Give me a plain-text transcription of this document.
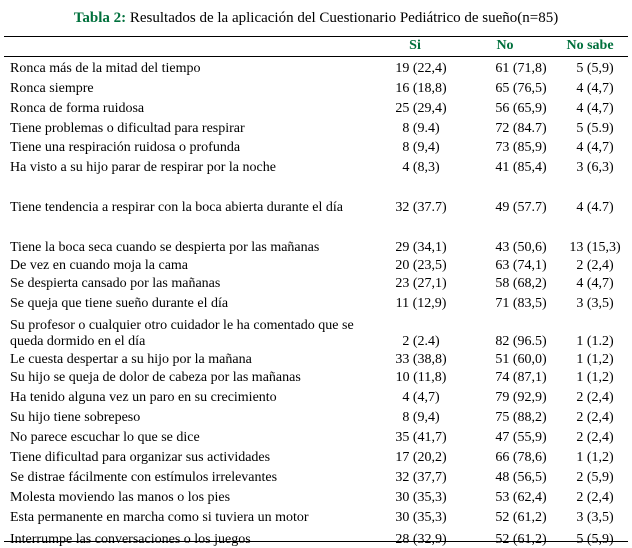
Tabla 2: Resultados de la aplicación del Cuestionario Pediátrico de sueño(n=85)
Si	No	No sabe
Ronca más de la mitad del tiempo	19 (22,4)	61 (71,8)	5 (5,9)
Ronca siempre	16 (18,8)	65 (76,5)	4 (4,7)
Ronca de forma ruidosa	25 (29,4)	56 (65,9)	4 (4,7)
Tiene problemas o dificultad para respirar	8 (9.4)	72 (84.7)	5 (5.9)
Tiene una respiración ruidosa o profunda	8 (9,4)	73 (85,9)	4 (4,7)
Ha visto a su hijo parar de respirar por la noche	4 (8,3)	41 (85,4)	3 (6,3)
Tiene tendencia a respirar con la boca abierta durante el día	32 (37.7)	49 (57.7)	4 (4.7)
Tiene la boca seca cuando se despierta por las mañanas	29 (34,1)	43 (50,6)	13 (15,3)
De vez en cuando moja la cama	20 (23,5)	63 (74,1)	2 (2,4)
Se despierta cansado por las mañanas	23 (27,1)	58 (68,2)	4 (4,7)
Se queja que tiene sueño durante el día	11 (12,9)	71 (83,5)	3 (3,5)
Su profesor o cualquier otro cuidador le ha comentado que se queda dormido en el día	2 (2.4)	82 (96.5)	1 (1.2)
Le cuesta despertar a su hijo por la mañana	33 (38,8)	51 (60,0)	1 (1,2)
Su hijo se queja de dolor de cabeza por las mañanas	10 (11,8)	74 (87,1)	1 (1,2)
Ha tenido alguna vez un paro en su crecimiento	4 (4,7)	79 (92,9)	2 (2,4)
Su hijo tiene sobrepeso	8 (9,4)	75 (88,2)	2 (2,4)
No parece escuchar lo que se dice	35 (41,7)	47 (55,9)	2 (2,4)
Tiene dificultad para organizar sus actividades	17 (20,2)	66 (78,6)	1 (1,2)
Se distrae fácilmente con estímulos irrelevantes	32 (37,7)	48 (56,5)	2 (5,9)
Molesta moviendo las manos o los pies	30 (35,3)	53 (62,4)	2 (2,4)
Esta permanente en marcha como si tuviera un motor	30 (35,3)	52 (61,2)	3 (3,5)
Interrumpe las conversaciones o los juegos	28 (32,9)	52 (61,2)	5 (5,9)
